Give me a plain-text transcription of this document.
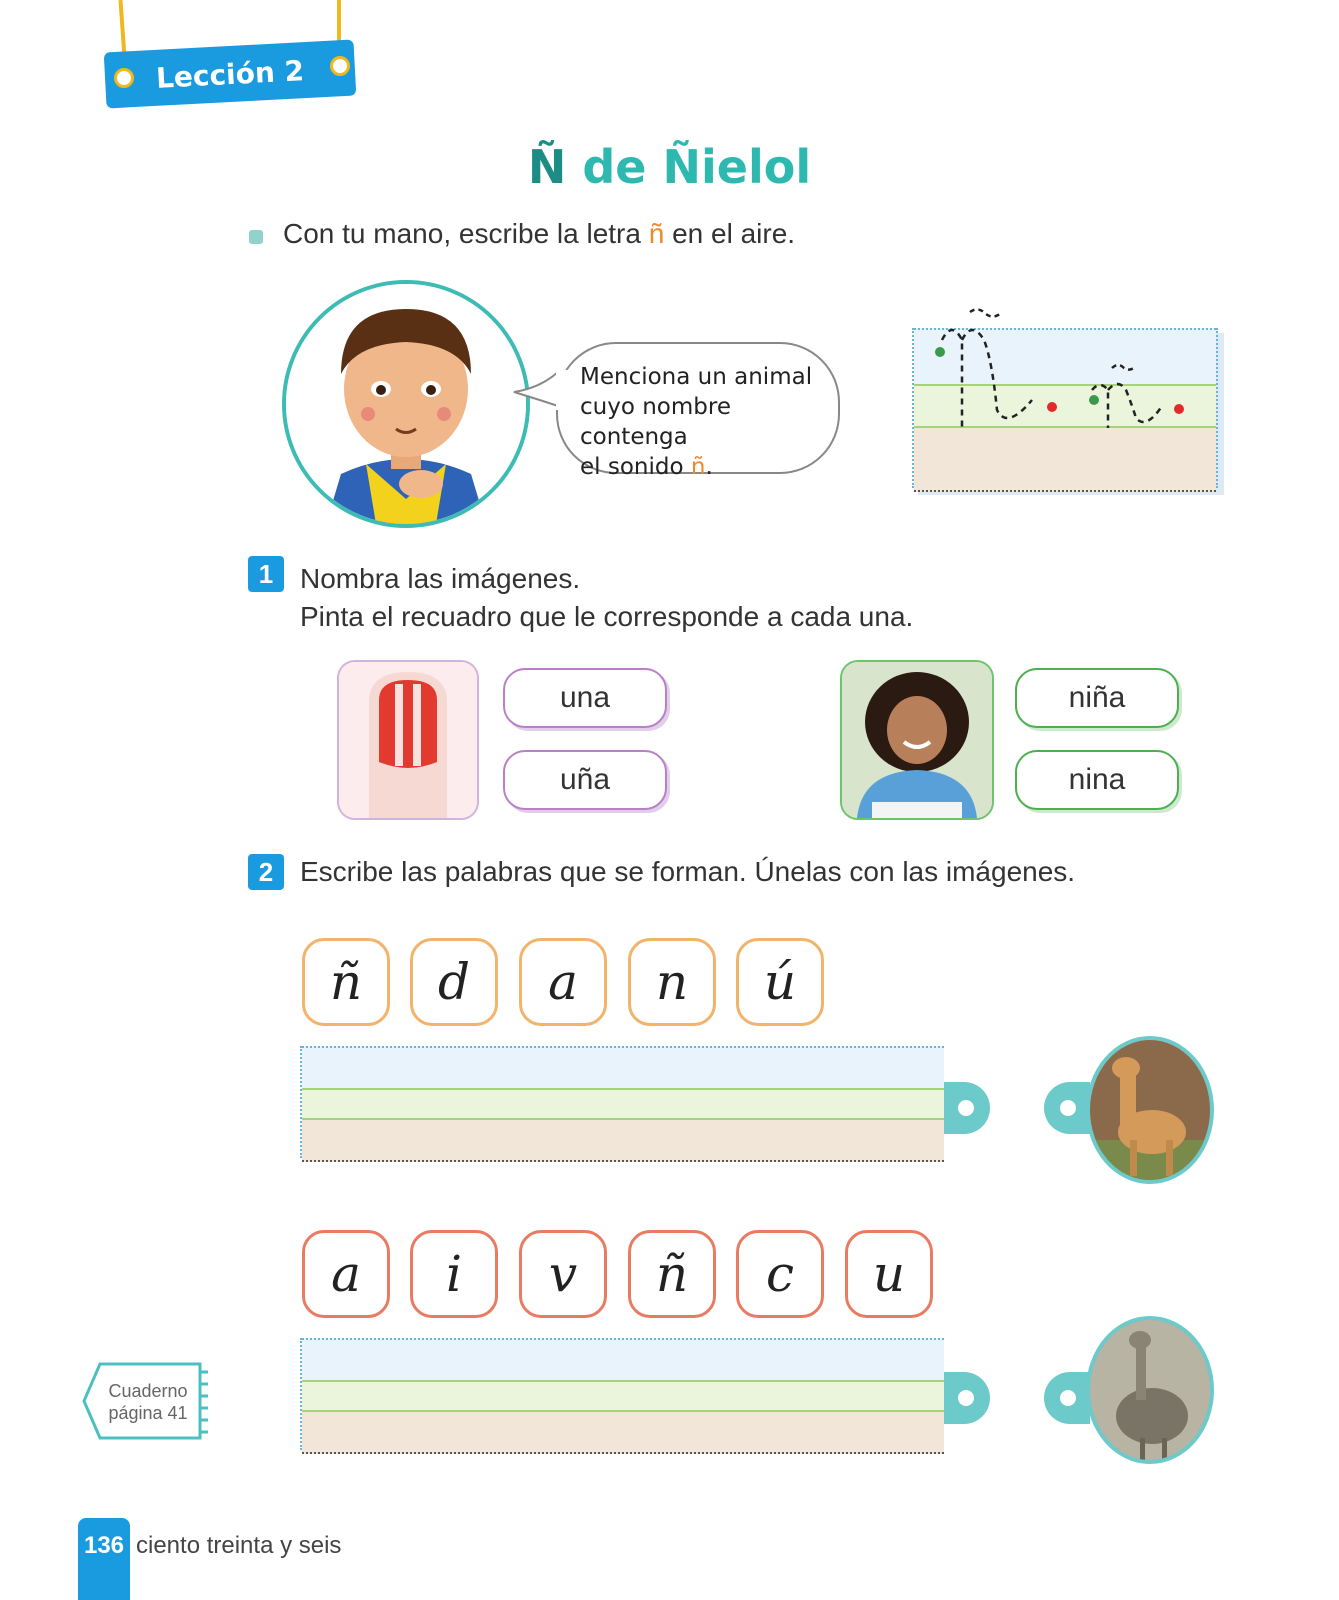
Lección 2
Ñ de Ñielol
Con tu mano, escribe la letra ñ en el aire.
Menciona un animal
cuyo nombre contenga
el sonido ñ.
1 Nombra las imágenes.
Pinta el recuadro que le corresponde a cada una.
una
uña
niña
nina
2 Escribe las palabras que se forman. Únelas con las imágenes.
ñ	d	a	n	ú
a	i	v	ñ	c	u
Cuaderno
página 41
136 ciento treinta y seis
